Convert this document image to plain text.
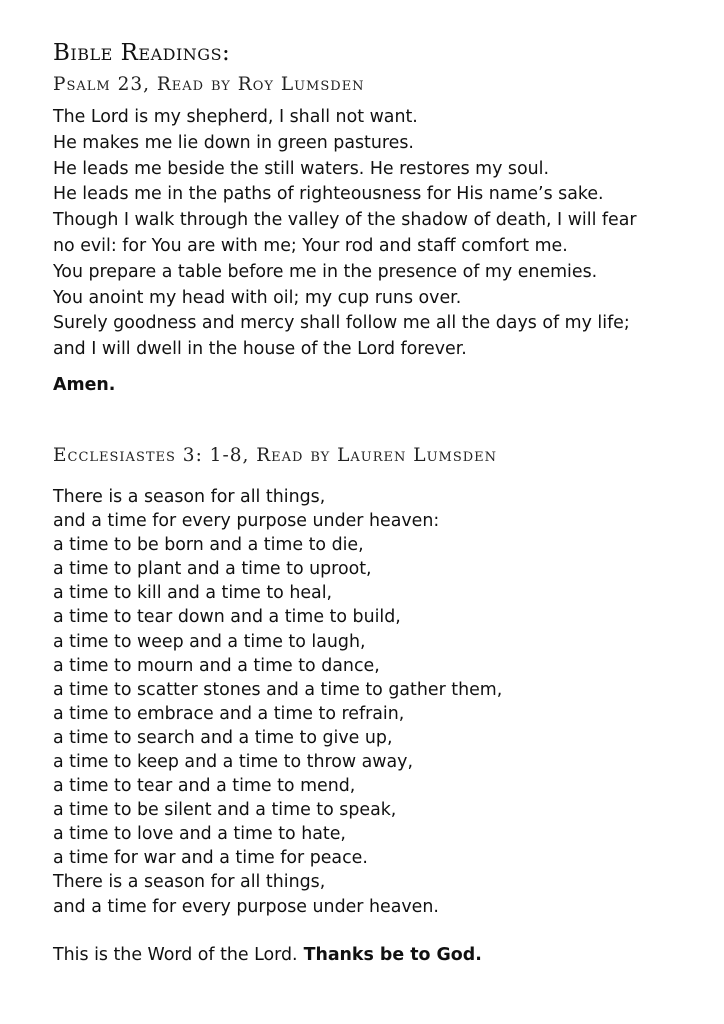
Bible Readings:
Psalm 23, Read by Roy Lumsden
The Lord is my shepherd, I shall not want.
He makes me lie down in green pastures.
He leads me beside the still waters. He restores my soul.
He leads me in the paths of righteousness for His name’s sake.
Though I walk through the valley of the shadow of death, I will fear
no evil: for You are with me; Your rod and staff comfort me.
You prepare a table before me in the presence of my enemies.
You anoint my head with oil; my cup runs over.
Surely goodness and mercy shall follow me all the days of my life;
and I will dwell in the house of the Lord forever.

Amen.

Ecclesiastes 3: 1-8, Read by Lauren Lumsden
There is a season for all things,
and a time for every purpose under heaven:
a time to be born and a time to die,
a time to plant and a time to uproot,
a time to kill and a time to heal,
a time to tear down and a time to build,
a time to weep and a time to laugh,
a time to mourn and a time to dance,
a time to scatter stones and a time to gather them,
a time to embrace and a time to refrain,
a time to search and a time to give up,
a time to keep and a time to throw away,
a time to tear and a time to mend,
a time to be silent and a time to speak,
a time to love and a time to hate,
a time for war and a time for peace.
There is a season for all things,
and a time for every purpose under heaven.

This is the Word of the Lord. Thanks be to God.
